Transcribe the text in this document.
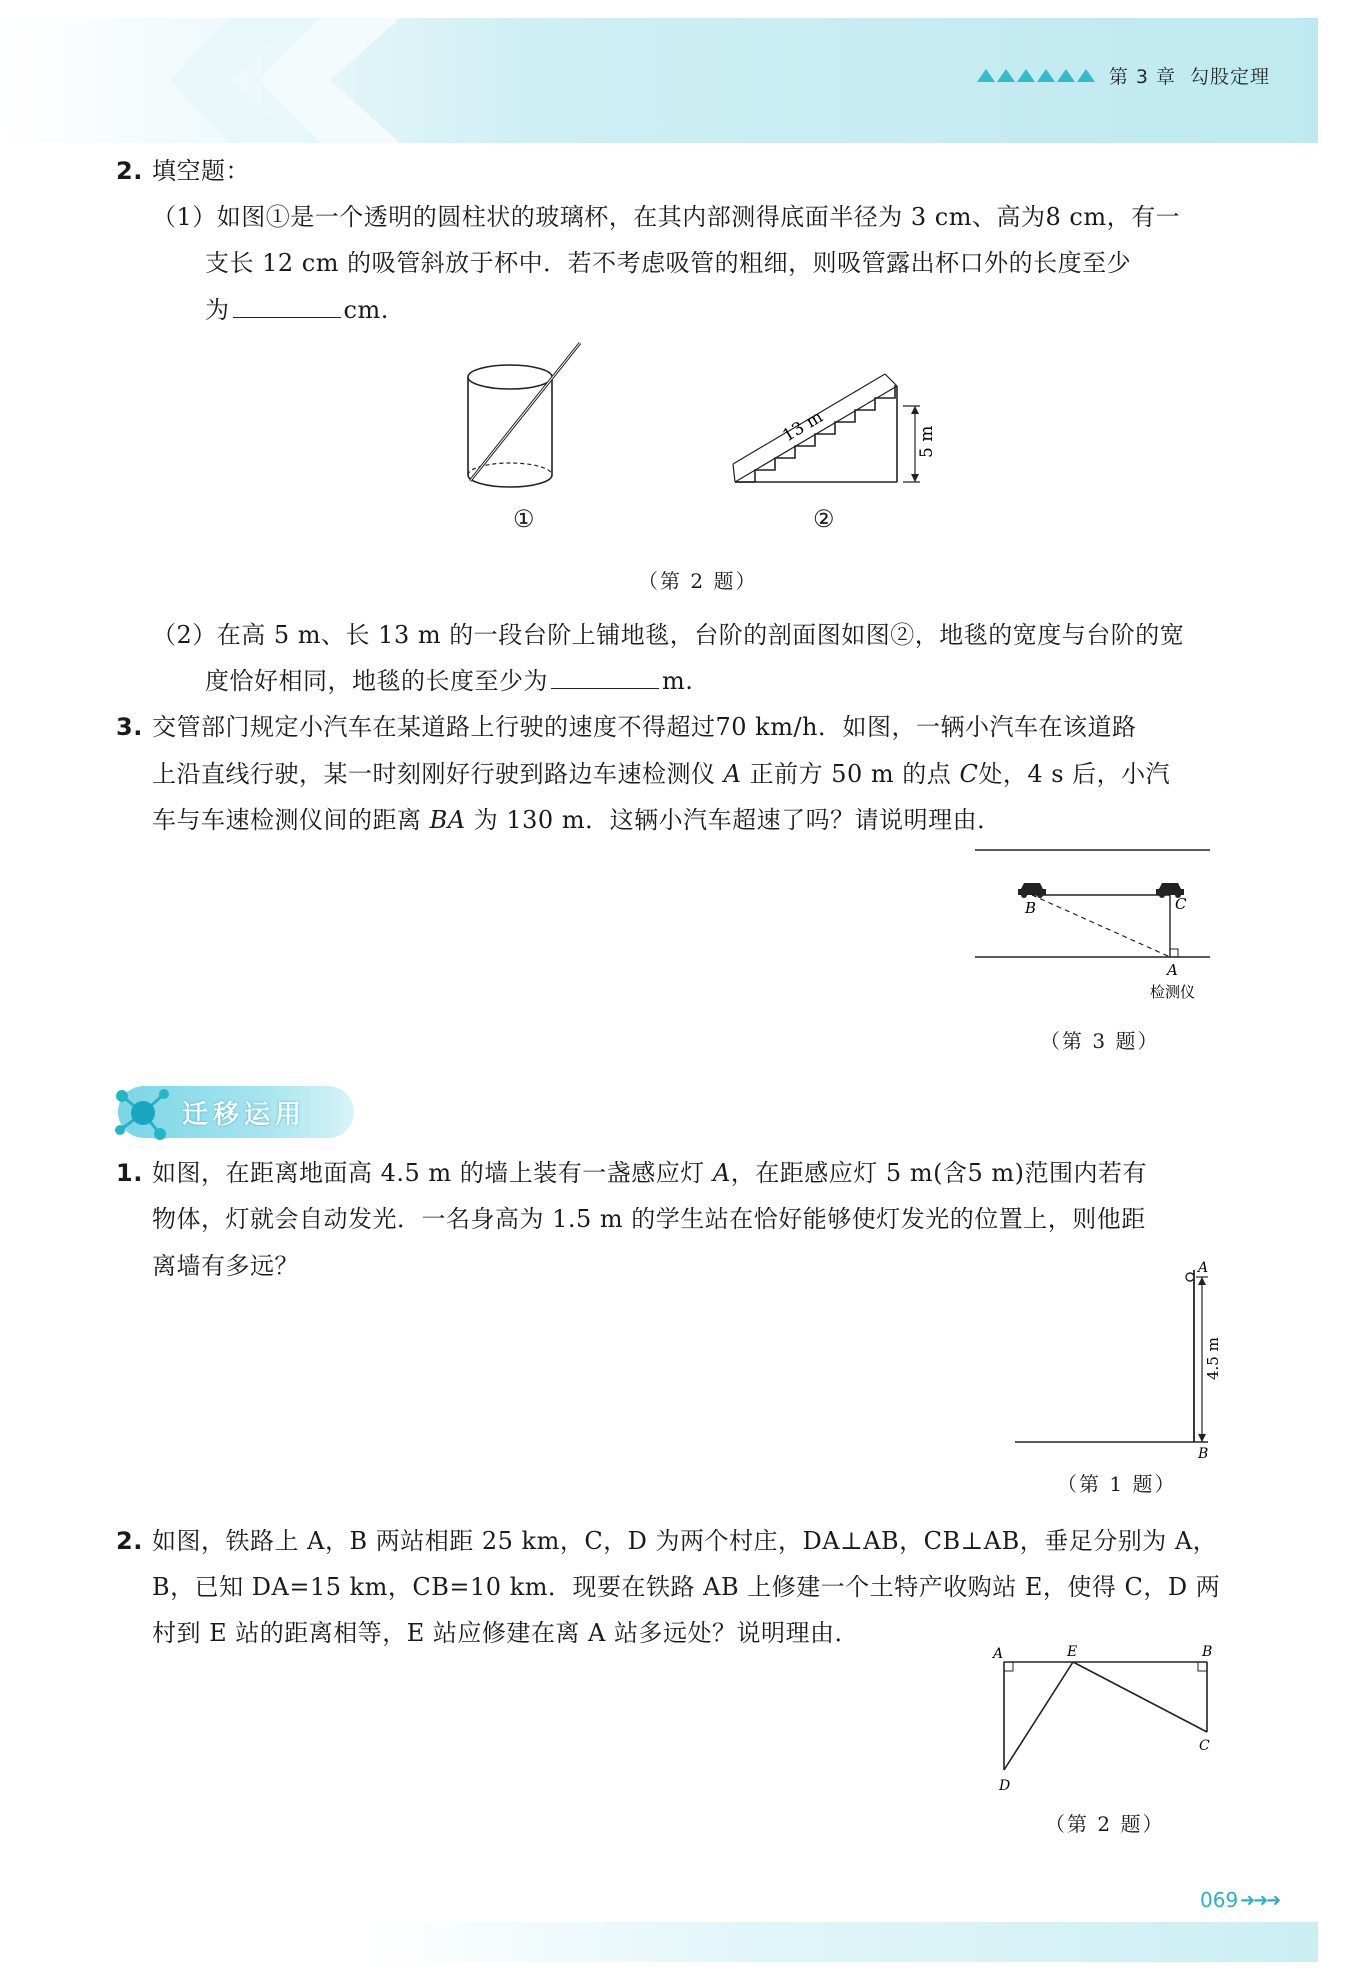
第 3 章 勾股定理
2. 填空题：
（1）如图①是一个透明的圆柱状的玻璃杯，在其内部测得底面半径为 3 cm、高为8 cm，有一
支长 12 cm 的吸管斜放于杯中．若不考虑吸管的粗细，则吸管露出杯口外的长度至少
为	cm.
①
13 m	5 m
②
（第 2 题）
（2）在高 5 m、长 13 m 的一段台阶上铺地毯，台阶的剖面图如图②，地毯的宽度与台阶的宽
度恰好相同，地毯的长度至少为	m.
3. 交管部门规定小汽车在某道路上行驶的速度不得超过70 km/h．如图，一辆小汽车在该道路
上沿直线行驶，某一时刻刚好行驶到路边车速检测仪 A 正前方 50 m 的点 C处，4 s 后，小汽
车与车速检测仪间的距离 BA 为 130 m．这辆小汽车超速了吗？请说明理由．
B	C
A
检测仪
（第 3 题）
迁移运用
1. 如图，在距离地面高 4.5 m 的墙上装有一盏感应灯 A，在距感应灯 5 m(含5 m)范围内若有
物体，灯就会自动发光．一名身高为 1.5 m 的学生站在恰好能够使灯发光的位置上，则他距
离墙有多远？	A
B
4.5 m
（第 1 题）
2. 如图，铁路上 A，B 两站相距 25 km，C，D 为两个村庄，DA⊥AB，CB⊥AB，垂足分别为 A，
B，已知 DA=15 km，CB=10 km．现要在铁路 AB 上修建一个土特产收购站 E，使得 C，D 两
村到 E 站的距离相等，E 站应修建在离 A 站多远处？说明理由．
A	E	B
C
D
（第 2 题）
069 ➜➜➜
